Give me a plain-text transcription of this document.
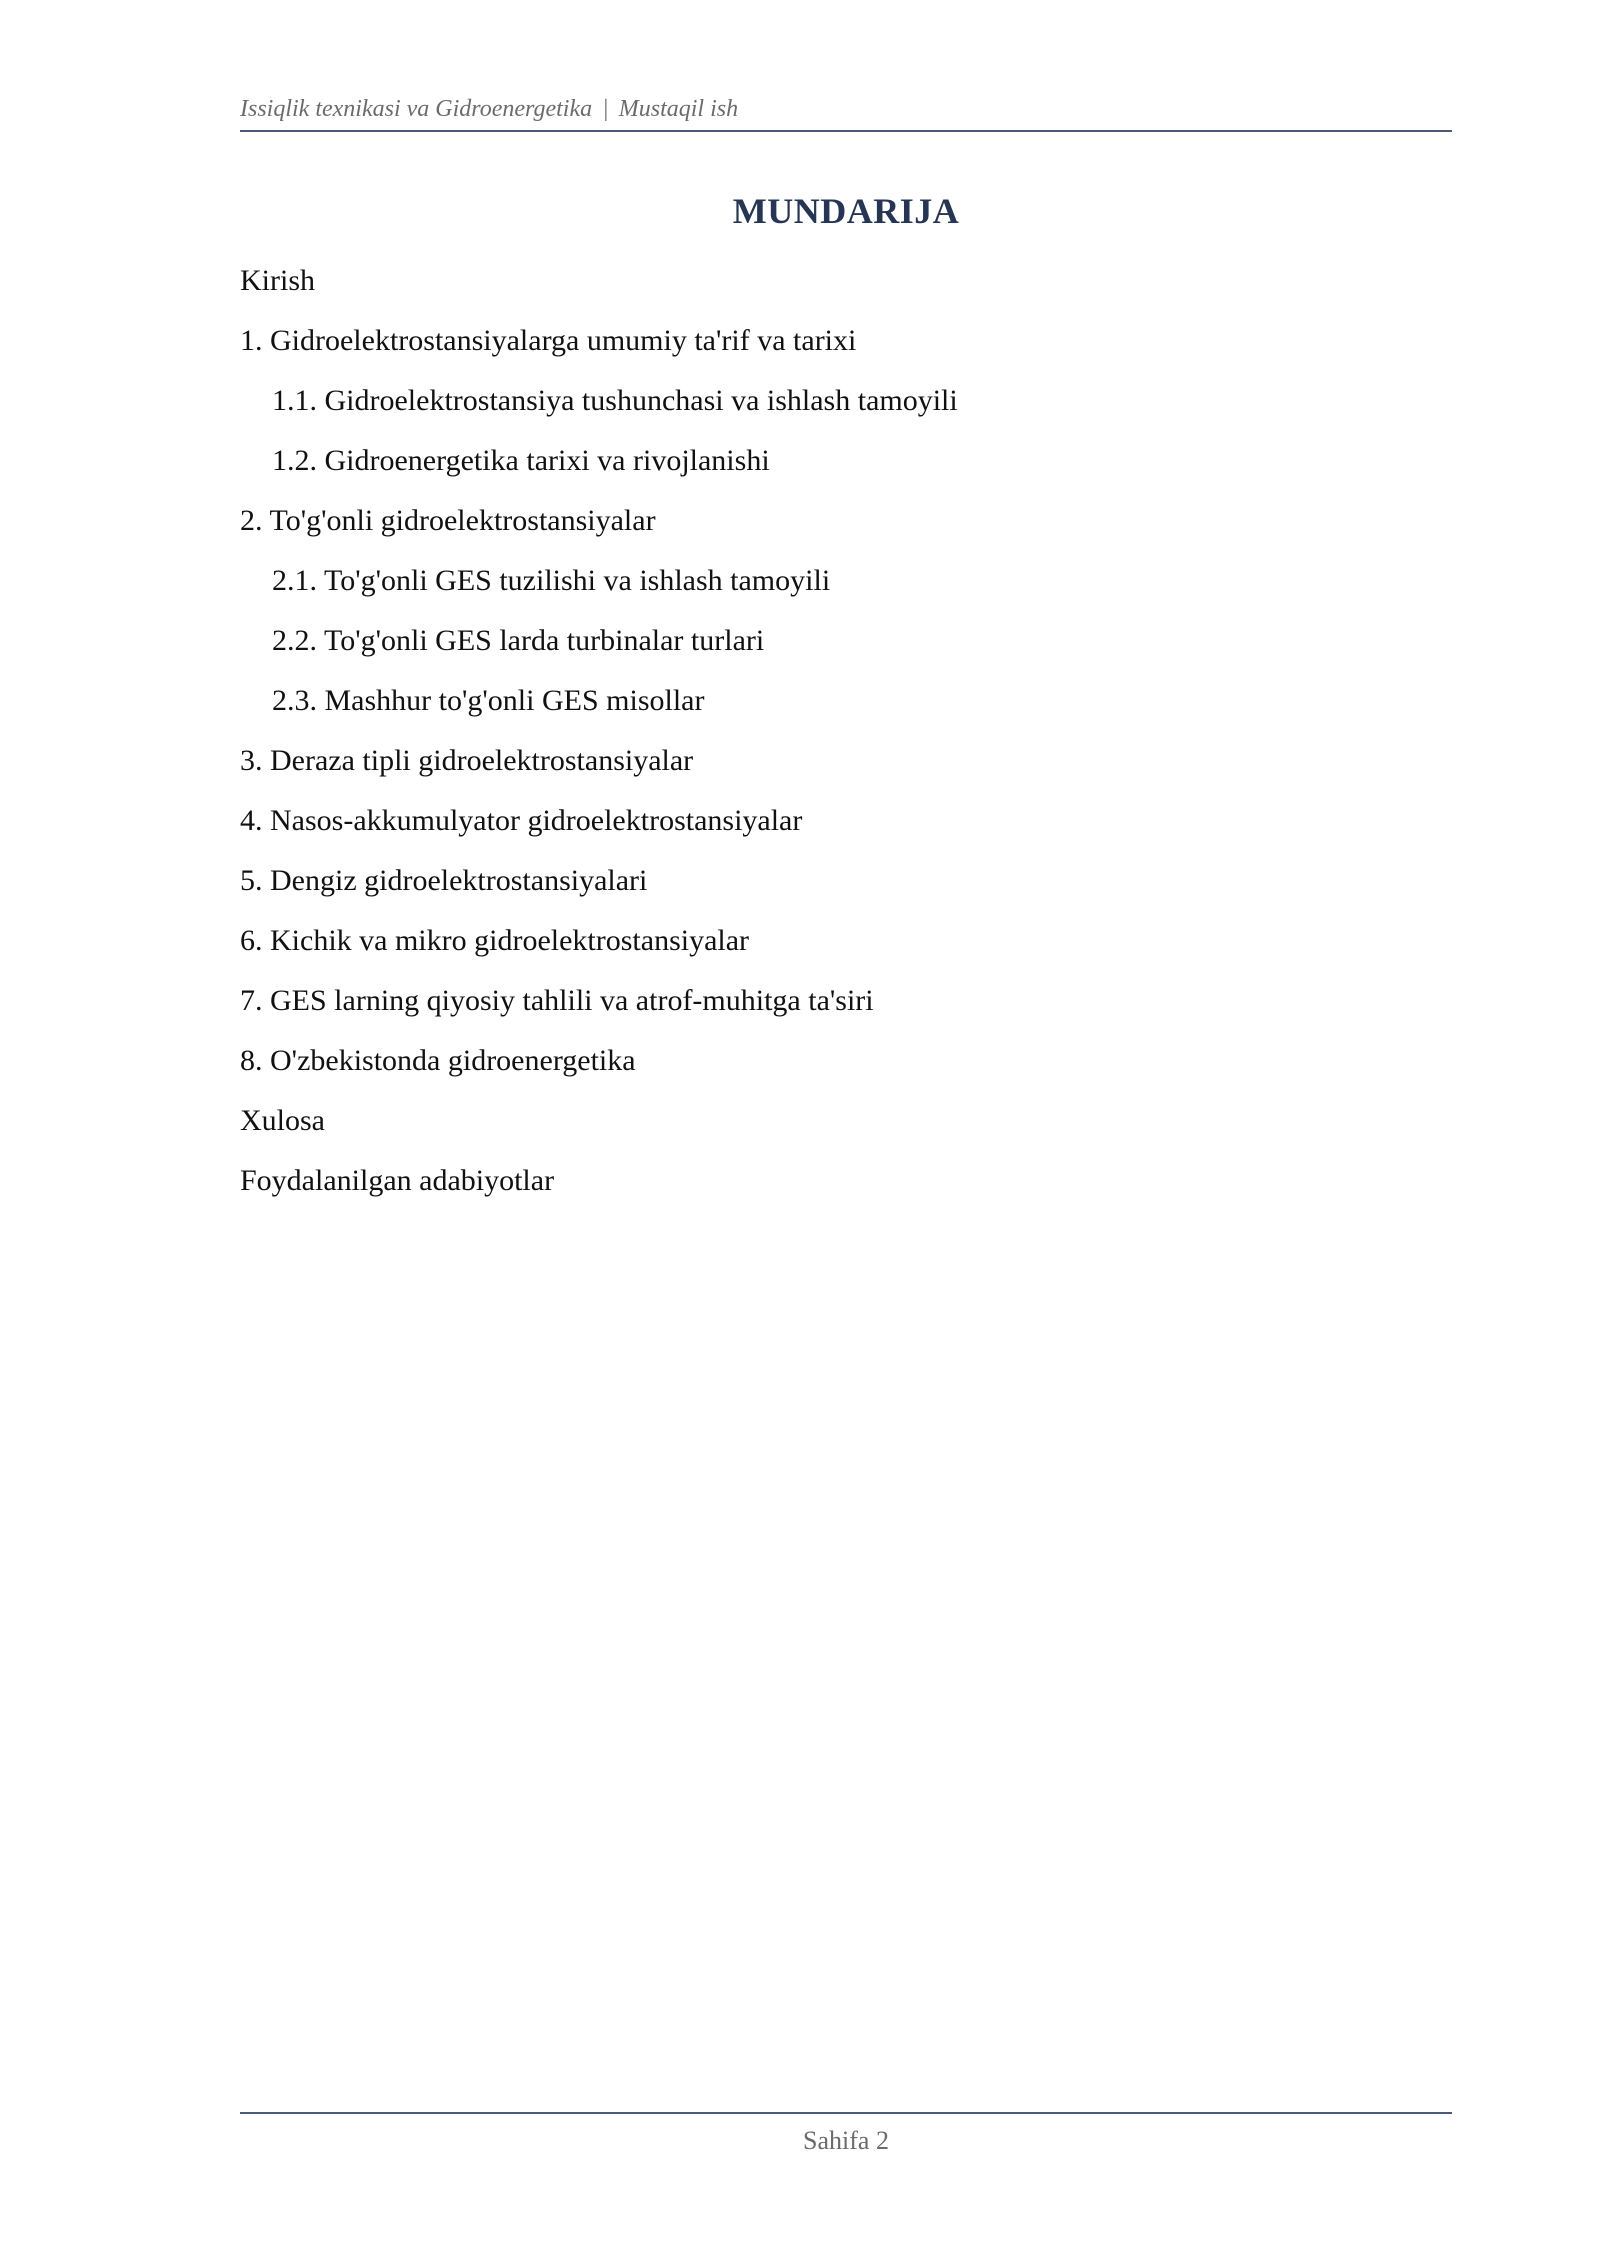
Issiqlik texnikasi va Gidroenergetika | Mustaqil ish
MUNDARIJA
Kirish
1. Gidroelektrostansiyalarga umumiy ta'rif va tarixi
1.1. Gidroelektrostansiya tushunchasi va ishlash tamoyili
1.2. Gidroenergetika tarixi va rivojlanishi
2. To'g'onli gidroelektrostansiyalar
2.1. To'g'onli GES tuzilishi va ishlash tamoyili
2.2. To'g'onli GES larda turbinalar turlari
2.3. Mashhur to'g'onli GES misollar
3. Deraza tipli gidroelektrostansiyalar
4. Nasos-akkumulyator gidroelektrostansiyalar
5. Dengiz gidroelektrostansiyalari
6. Kichik va mikro gidroelektrostansiyalar
7. GES larning qiyosiy tahlili va atrof-muhitga ta'siri
8. O'zbekistonda gidroenergetika
Xulosa
Foydalanilgan adabiyotlar
Sahifa 2
